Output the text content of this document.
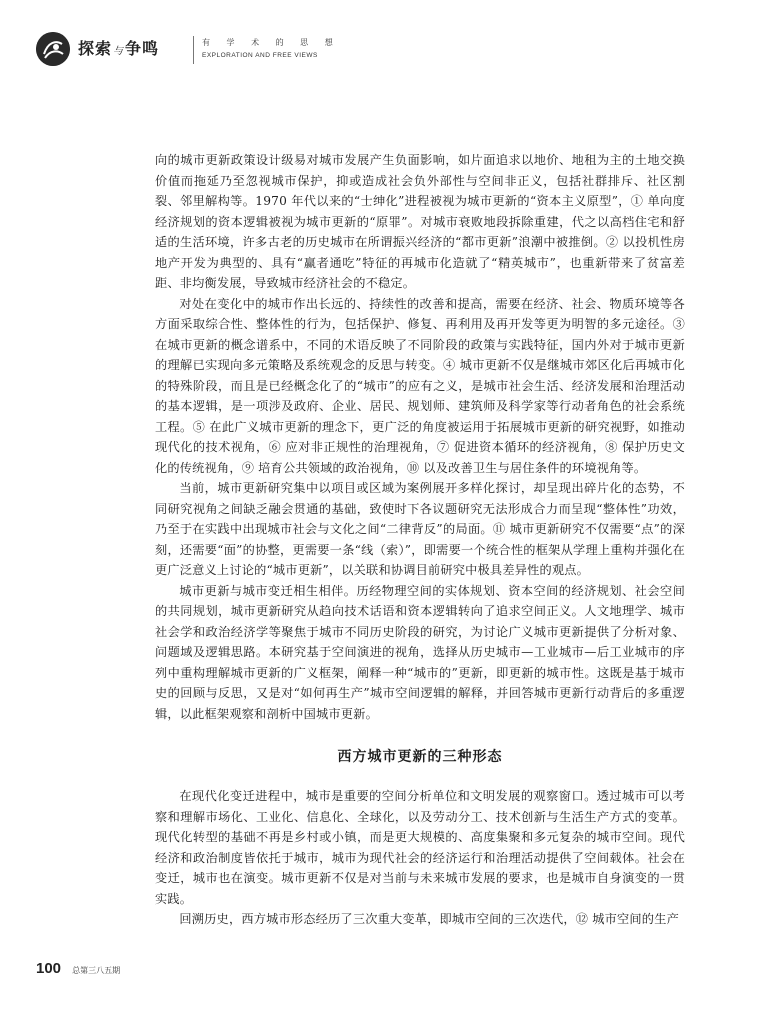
探索与争鸣	有 学 术 的 思 想
EXPLORATION AND FREE VIEWS

向的城市更新政策设计级易对城市发展产生负面影响，如片面追求以地价、地租为主的土地交换价值而拖延乃至忽视城市保护，抑或造成社会负外部性与空间非正义，包括社群排斥、社区割裂、邻里解构等。1970 年代以来的“士绅化”进程被视为城市更新的“资本主义原型”，① 单向度经济规划的资本逻辑被视为城市更新的“原罪”。对城市衰败地段拆除重建，代之以高档住宅和舒适的生活环境，许多古老的历史城市在所谓振兴经济的“都市更新”浪潮中被推倒。② 以投机性房地产开发为典型的、具有“赢者通吃”特征的再城市化造就了“精英城市”，也重新带来了贫富差距、非均衡发展，导致城市经济社会的不稳定。

对处在变化中的城市作出长远的、持续性的改善和提高，需要在经济、社会、物质环境等各方面采取综合性、整体性的行为，包括保护、修复、再利用及再开发等更为明智的多元途径。③ 在城市更新的概念谱系中，不同的术语反映了不同阶段的政策与实践特征，国内外对于城市更新的理解已实现向多元策略及系统观念的反思与转变。④ 城市更新不仅是继城市郊区化后再城市化的特殊阶段，而且是已经概念化了的“城市”的应有之义，是城市社会生活、经济发展和治理活动的基本逻辑，是一项涉及政府、企业、居民、规划师、建筑师及科学家等行动者角色的社会系统工程。⑤ 在此广义城市更新的理念下，更广泛的角度被运用于拓展城市更新的研究视野，如推动现代化的技术视角，⑥ 应对非正规性的治理视角，⑦ 促进资本循环的经济视角，⑧ 保护历史文化的传统视角，⑨ 培育公共领域的政治视角，⑩ 以及改善卫生与居住条件的环境视角等。

当前，城市更新研究集中以项目或区域为案例展开多样化探讨，却呈现出碎片化的态势，不同研究视角之间缺乏融会贯通的基础，致使时下各议题研究无法形成合力而呈现“整体性”功效，乃至于在实践中出现城市社会与文化之间“二律背反”的局面。⑪ 城市更新研究不仅需要“点”的深刻，还需要“面”的协整，更需要一条“线（索）”，即需要一个统合性的框架从学理上重构并强化在更广泛意义上讨论的“城市更新”，以关联和协调目前研究中极具差异性的观点。

城市更新与城市变迁相生相伴。历经物理空间的实体规划、资本空间的经济规划、社会空间的共同规划，城市更新研究从趋向技术话语和资本逻辑转向了追求空间正义。人文地理学、城市社会学和政治经济学等聚焦于城市不同历史阶段的研究，为讨论广义城市更新提供了分析对象、问题域及逻辑思路。本研究基于空间演进的视角，选择从历史城市—工业城市—后工业城市的序列中重构理解城市更新的广义框架，阐释一种“城市的”更新，即更新的城市性。这既是基于城市史的回顾与反思，又是对“如何再生产”城市空间逻辑的解释，并回答城市更新行动背后的多重逻辑，以此框架观察和剖析中国城市更新。

西方城市更新的三种形态

在现代化变迁进程中，城市是重要的空间分析单位和文明发展的观察窗口。透过城市可以考察和理解市场化、工业化、信息化、全球化，以及劳动分工、技术创新与生活生产方式的变革。现代化转型的基础不再是乡村或小镇，而是更大规模的、高度集聚和多元复杂的城市空间。现代经济和政治制度皆依托于城市，城市为现代社会的经济运行和治理活动提供了空间载体。社会在变迁，城市也在演变。城市更新不仅是对当前与未来城市发展的要求，也是城市自身演变的一贯实践。

回溯历史，西方城市形态经历了三次重大变革，即城市空间的三次迭代，⑫ 城市空间的生产

100 总第三八五期
